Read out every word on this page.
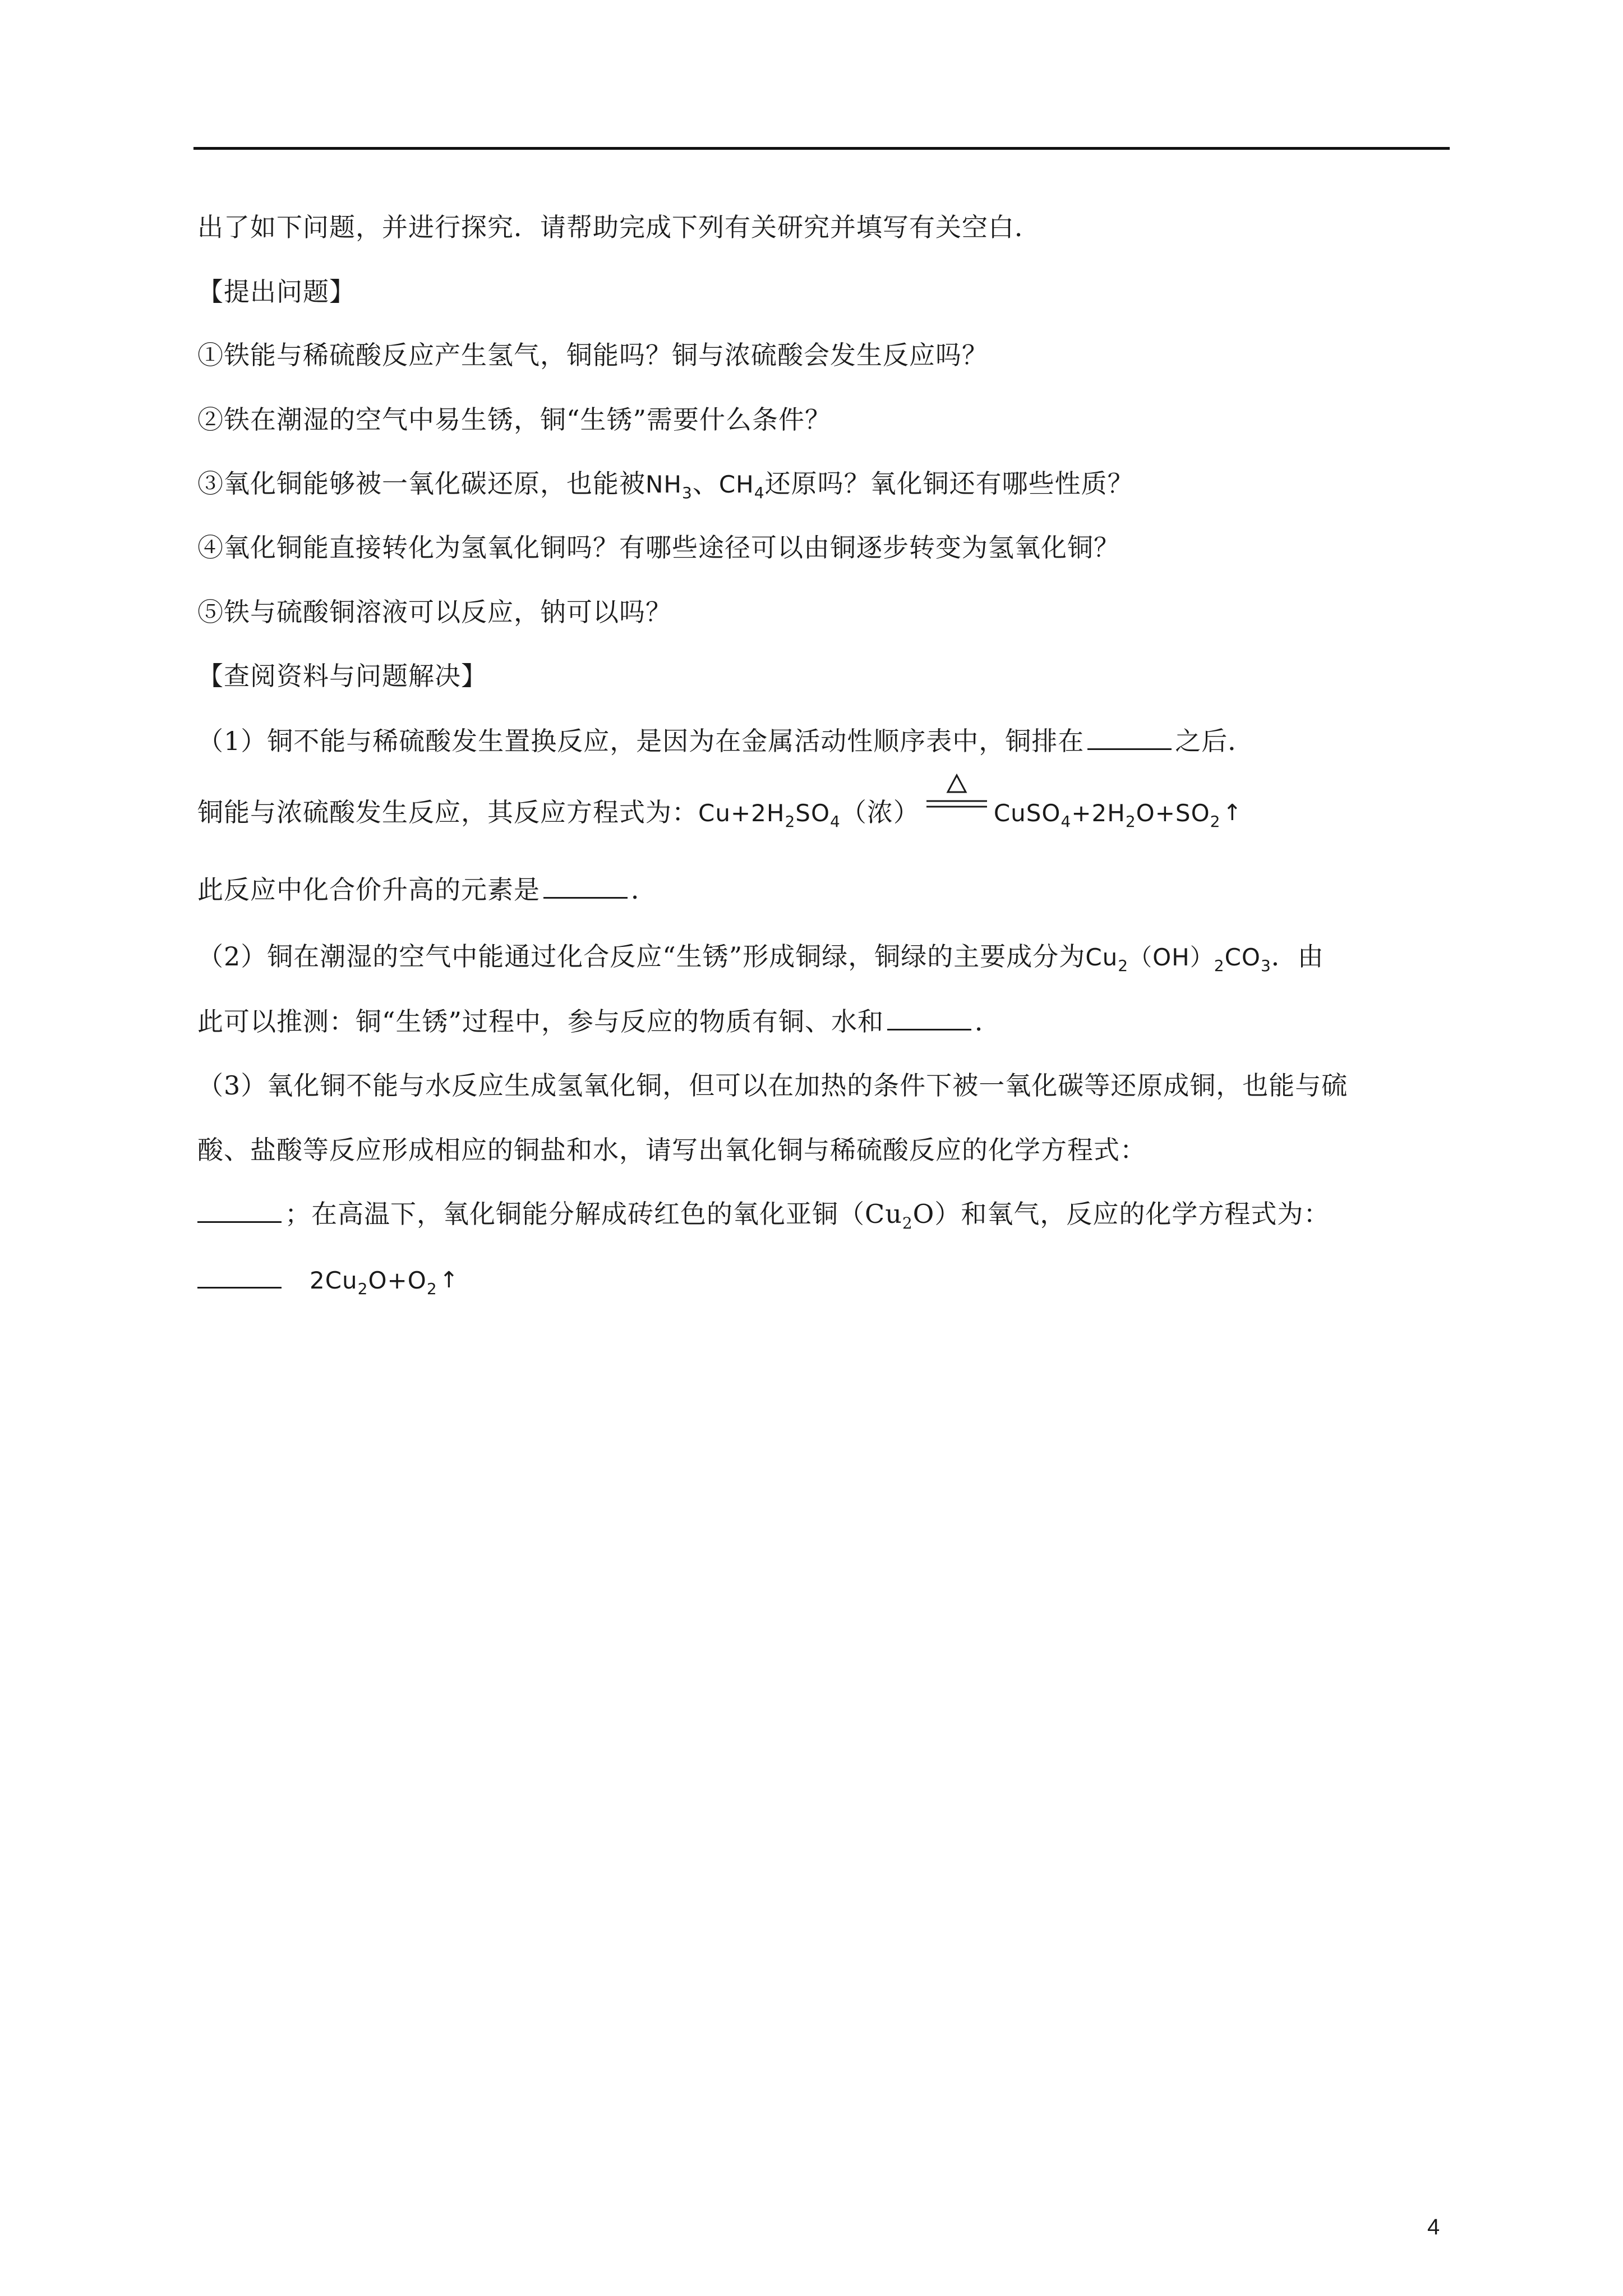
出了如下问题，并进行探究．请帮助完成下列有关研究并填写有关空白．
【提出问题】
①铁能与稀硫酸反应产生氢气，铜能吗？铜与浓硫酸会发生反应吗？
②铁在潮湿的空气中易生锈，铜“生锈”需要什么条件？
③氧化铜能够被一氧化碳还原，也能被$NH_3$、$CH_4$还原吗？氧化铜还有哪些性质？
④氧化铜能直接转化为氢氧化铜吗？有哪些途径可以由铜逐步转变为氢氧化铜？
⑤铁与硫酸铜溶液可以反应，钠可以吗？
【查阅资料与问题解决】
（1）铜不能与稀硫酸发生置换反应，是因为在金属活动性顺序表中，铜排在	之后．
铜能与浓硫酸发生反应，其反应方程式为：$Cu+2H_2SO_4$（浓）	$CuSO_4+2H_2O+SO_2$ ↑
此反应中化合价升高的元素是	．
（2）铜在潮湿的空气中能通过化合反应“生锈”形成铜绿，铜绿的主要成分为$Cu_2(OH)_2CO_3$．由
此可以推测：铜“生锈”过程中，参与反应的物质有铜、水和	．
（3）氧化铜不能与水反应生成氢氧化铜，但可以在加热的条件下被一氧化碳等还原成铜，也能与硫
酸、盐酸等反应形成相应的铜盐和水，请写出氧化铜与稀硫酸反应的化学方程式：
；在高温下，氧化铜能分解成砖红色的氧化亚铜$(Cu_2O)$和氧气，反应的化学方程式为：
$2Cu_2O+O_2$ ↑
4
